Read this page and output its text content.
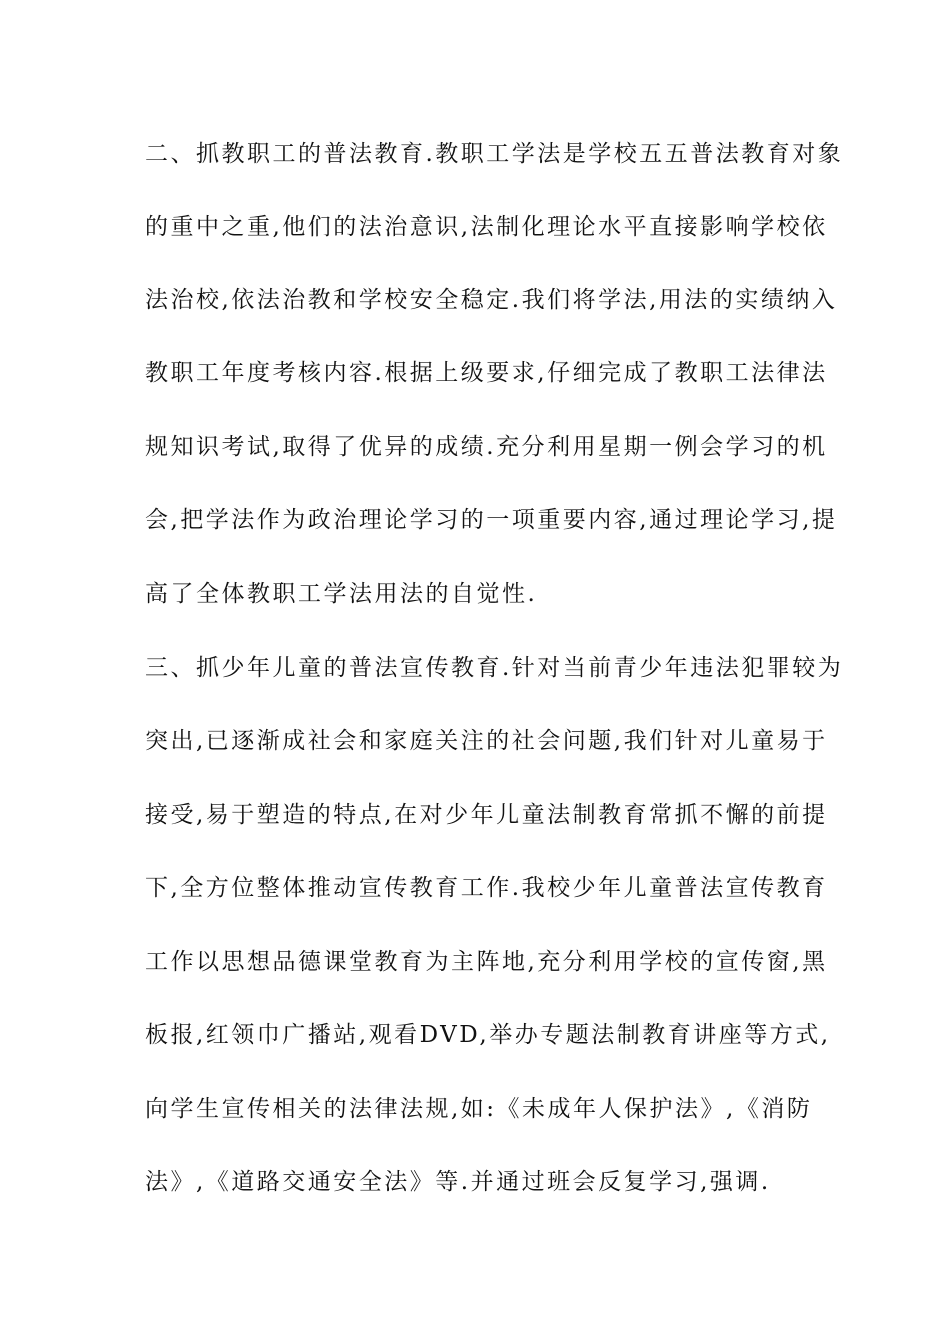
二、抓教职工的普法教育.教职工学法是学校五五普法教育对象
的重中之重,他们的法治意识,法制化理论水平直接影响学校依
法治校,依法治教和学校安全稳定.我们将学法,用法的实绩纳入
教职工年度考核内容.根据上级要求,仔细完成了教职工法律法
规知识考试,取得了优异的成绩.充分利用星期一例会学习的机
会,把学法作为政治理论学习的一项重要内容,通过理论学习,提
高了全体教职工学法用法的自觉性.
三、抓少年儿童的普法宣传教育.针对当前青少年违法犯罪较为
突出,已逐渐成社会和家庭关注的社会问题,我们针对儿童易于
接受,易于塑造的特点,在对少年儿童法制教育常抓不懈的前提
下,全方位整体推动宣传教育工作.我校少年儿童普法宣传教育
工作以思想品德课堂教育为主阵地,充分利用学校的宣传窗,黑
板报,红领巾广播站,观看DVD,举办专题法制教育讲座等方式,
向学生宣传相关的法律法规,如:《未成年人保护法》,《消防
法》,《道路交通安全法》等.并通过班会反复学习,强调.
